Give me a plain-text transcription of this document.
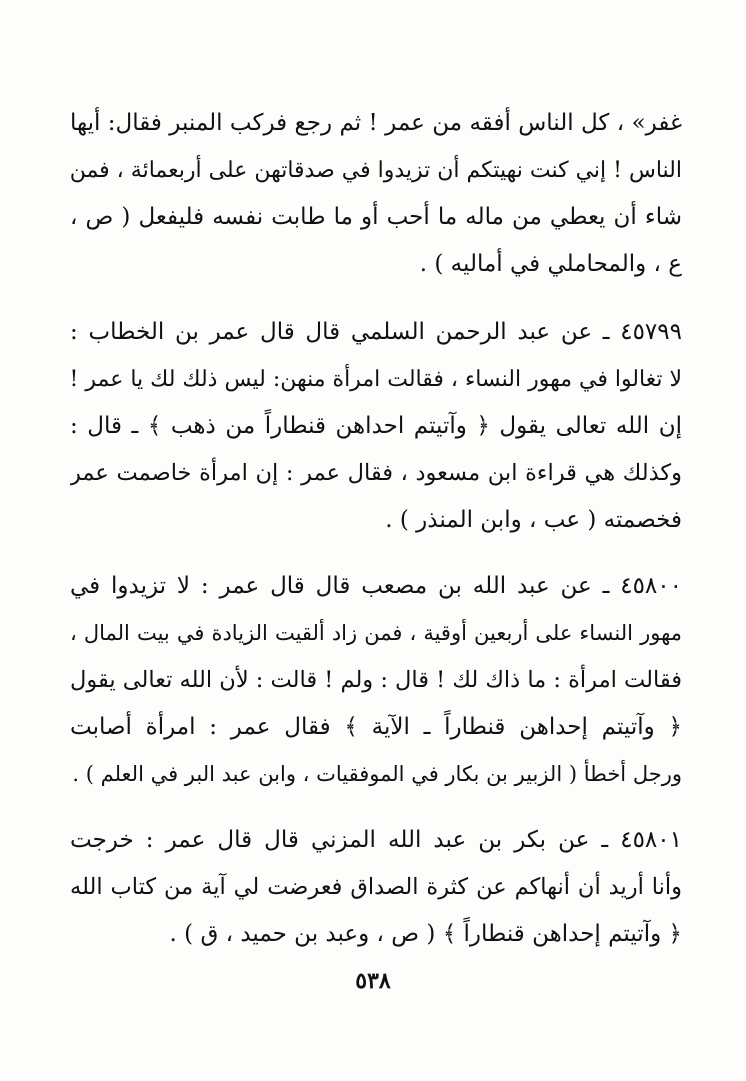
غفر» ، كل الناس أفقه من عمر ! ثم رجع فركب المنبر فقال: أيها
الناس ! إني كنت نهيتكم أن تزيدوا في صدقاتهن على أربعمائة ، فمن
شاء أن يعطي من ماله ما أحب أو ما طابت نفسه فليفعل ( ص ،
ع ، والمحاملي في أماليه ) .
٤٥٧٩٩ ـ عن عبد الرحمن السلمي قال قال عمر بن الخطاب :
لا تغالوا في مهور النساء ، فقالت امرأة منهن: ليس ذلك لك يا عمر !
إن الله تعالى يقول ﴿ وآتيتم احداهن قنطاراً من ذهب ﴾ ـ قال :
وكذلك هي قراءة ابن مسعود ، فقال عمر : إن امرأة خاصمت عمر
فخصمته ( عب ، وابن المنذر ) .
٤٥٨٠٠ ـ عن عبد الله بن مصعب قال قال عمر : لا تزيدوا في
مهور النساء على أربعين أوقية ، فمن زاد ألقيت الزيادة في بيت المال ،
فقالت امرأة : ما ذاك لك ! قال : ولم ! قالت : لأن الله تعالى يقول
﴿ وآتيتم إحداهن قنطاراً ـ الآية ﴾ فقال عمر : امرأة أصابت
ورجل أخطأ ( الزبير بن بكار في الموفقيات ، وابن عبد البر في العلم ) .
٤٥٨٠١ ـ عن بكر بن عبد الله المزني قال قال عمر : خرجت
وأنا أريد أن أنهاكم عن كثرة الصداق فعرضت لي آية من كتاب الله
﴿ وآتيتم إحداهن قنطاراً ﴾ ( ص ، وعبد بن حميد ، ق ) .
٥٣٨
